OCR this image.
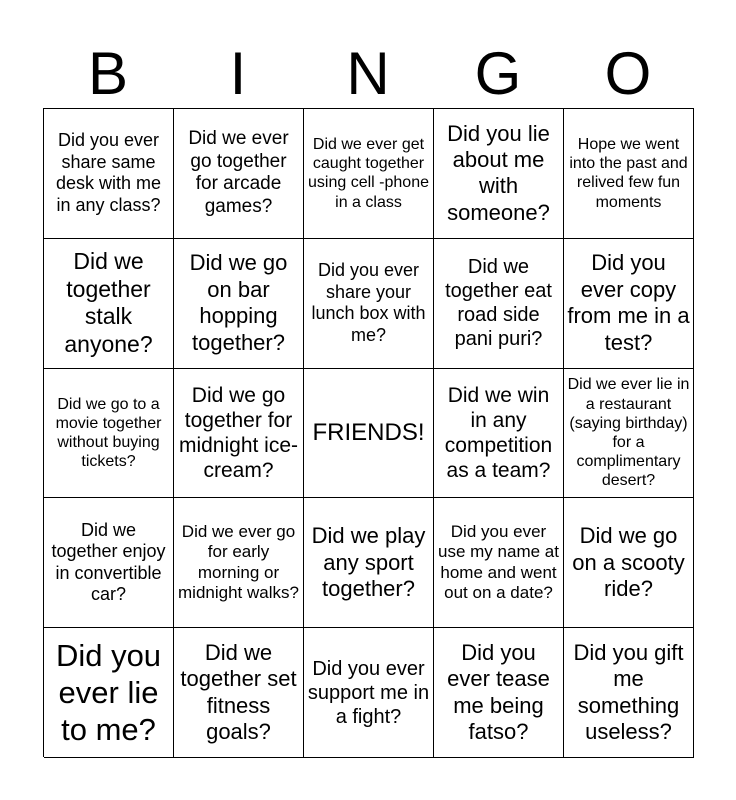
B	I	N	G	O
Did you ever share same desk with me in any class?
Did we ever go together for arcade games?
Did we ever get caught together using cell -phone in a class
Did you lie about me with someone?
Hope we went into the past and relived few fun moments
Did we together stalk anyone?
Did we go on bar hopping together?
Did you ever share your lunch box with me?
Did we together eat road side pani puri?
Did you ever copy from me in a test?
Did we go to a movie together without buying tickets?
Did we go together for midnight ice-cream?
FRIENDS!
Did we win in any competition as a team?
Did we ever lie in a restaurant (saying birthday) for a complimentary desert?
Did we together enjoy in convertible car?
Did we ever go for early morning or midnight walks?
Did we play any sport together?
Did you ever use my name at home and went out on a date?
Did we go on a scooty ride?
Did you ever lie to me?
Did we together set fitness goals?
Did you ever support me in a fight?
Did you ever tease me being fatso?
Did you gift me something useless?
